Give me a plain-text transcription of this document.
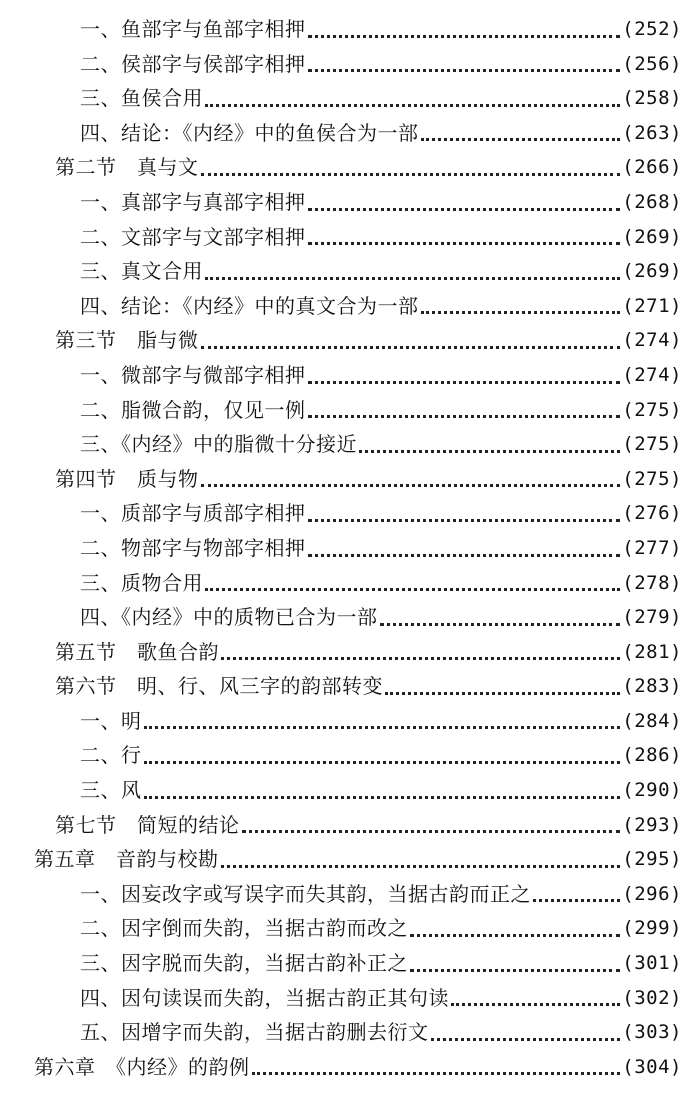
一、鱼部字与鱼部字相押	(252)
二、侯部字与侯部字相押	(256)
三、鱼侯合用	(258)
四、结论：《内经》中的鱼侯合为一部	(263)
第二节　真与文	(266)
一、真部字与真部字相押	(268)
二、文部字与文部字相押	(269)
三、真文合用	(269)
四、结论：《内经》中的真文合为一部	(271)
第三节　脂与微	(274)
一、微部字与微部字相押	(274)
二、脂微合韵，仅见一例	(275)
三、《内经》中的脂微十分接近	(275)
第四节　质与物	(275)
一、质部字与质部字相押	(276)
二、物部字与物部字相押	(277)
三、质物合用	(278)
四、《内经》中的质物已合为一部	(279)
第五节　歌鱼合韵	(281)
第六节　明、行、风三字的韵部转变	(283)
一、明	(284)
二、行	(286)
三、风	(290)
第七节　简短的结论	(293)
第五章　音韵与校勘	(295)
一、因妄改字或写误字而失其韵，当据古韵而正之	(296)
二、因字倒而失韵，当据古韵而改之	(299)
三、因字脱而失韵，当据古韵补正之	(301)
四、因句读误而失韵，当据古韵正其句读	(302)
五、因增字而失韵，当据古韵删去衍文	(303)
第六章　《内经》的韵例	(304)
